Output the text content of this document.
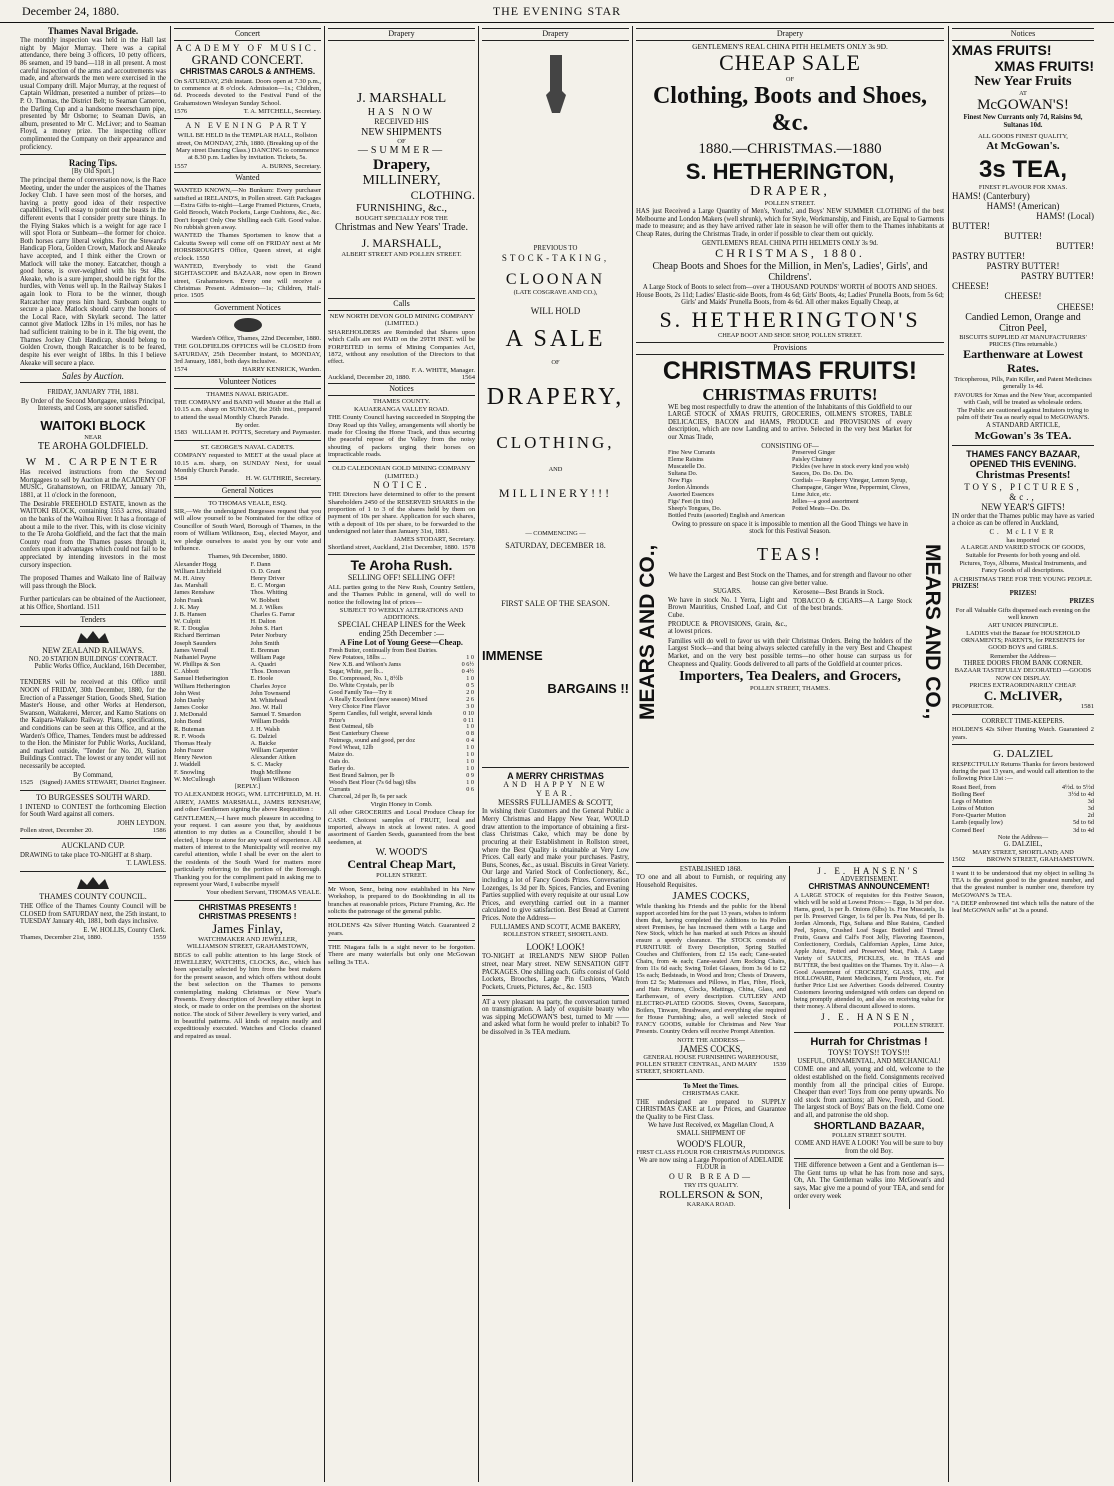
December 24, 1880.	THE EVENING STAR
Thames Naval Brigade.

The monthly inspection was held in the Hall last night by Major Murray. There was a capital attendance, there being 3 officers, 10 petty officers, 86 seamen, and 19 band—118 in all present. A most careful inspection of the arms and accoutrements was made, and afterwards the men were exercised in the usual Company drill. Major Murray, at the request of Captain Wildman, presented a number of prizes—to P. O. Thomas, the District Belt; to Seaman Cameron, the Darling Cup and a handsome meerschaum pipe, presented by Mr Osborne; to Seaman Davis, an album, presented to Mr C. McLiver; and to Seaman Floyd, a money prize. The inspecting officer complimented the Company on their appearance and proficiency.

Racing Tips.
[By Old Sport.]

The principal theme of conversation now, is the Race Meeting, under the under the auspices of the Thames Jockey Club. I have seen most of the horses, and having a pretty good idea of their respective capabilities, I will essay to point out the beasts in the different events that I consider pretty sure things. In the Flying Stakes which is a weight for age race I will spot Flora or Sunbeam—the former for choice. Both horses carry liberal weights. For the Steward's Handicap Flora, Golden Crown, Matlock and Akeake have accepted, and I think either the Crown or Matlock will take the money. Eatcatcher, though a good horse, is over-weighted with his 9st 4lbs. Akeake, who is a sure jumper, should be right for the hurdles, with Venus well up. In the Railway Stakes I again look to Flora to be the winner, though Ratcatcher may press him hard. Sunbeam ought to secure a place. Matlock should carry the honors of the Local Race, with Skylark second. The latter cannot give Matlock 12lbs in 1½ miles, nor has he had sufficient training to be in it. The big event, the Thames Jockey Club Handicap, should belong to Golden Crown, though Ratcatcher is to be feared, despite his ever weight of 18lbs. In this I believe Akeake will secure a place.

Sales by Auction.
FRIDAY, JANUARY 7TH, 1881.

By Order of the Second Mortgagee, unless Principal, Interests, and Costs, are sooner satisfied.

WAITOKI BLOCK
NEAR
TE AROHA GOLDFIELD.
W M. CARPENTER

Has received instructions from the Second Mortgagees to sell by Auction at the ACADEMY OF MUSIC, Grahamstown, on FRIDAY, January 7th, 1881, at 11 o'clock in the forenoon,

The Desirable FREEHOLD ESTATE, known as the WAITOKI BLOCK, containing 1553 acres, situated on the banks of the Waihou River. It has a frontage of about a mile to the river. This, with its close vicinity to the Te Aroha Goldfield, and the fact that the main County road from the Thames passes through it, confers upon it advantages which could not fail to be appreciated by intending investors in the most cursory inspection.

The proposed Thames and Waikato line of Railway will pass through the Block.

Further particulars can be obtained of the Auctioneer, at his Office, Shortland. 1511

Tenders
NEW ZEALAND RAILWAYS.
NO. 20 STATION BUILDINGS' CONTRACT.
Public Works Office, Auckland, 16th December, 1880.

TENDERS will be received at this Office until NOON of FRIDAY, 30th December, 1880, for the Erection of a Passenger Station, Goods Shed, Station Master's House, and other Works at Henderson, Swanson, Waitakerei, Mercer, and Kamo Stations on the Kaipara-Waikato Railway. Plans, specifications, and conditions can be seen at this Office, and at the Warden's Office, Thames. Tenders must be addressed to the Hon. the Minister for Public Works, Auckland, and marked outside, "Tender for No. 20, Station Buildings Contract. The lowest or any tender will not necessarily be accepted.

By Command,
1525 (Signed) JAMES STEWART, District Engineer.
TO BURGESSES SOUTH WARD.

I INTEND to CONTEST the forthcoming Election for South Ward against all comers.

JOHN LEYDON.
Pollen street, December 20.	1586
AUCKLAND CUP.

DRAWING to take place TO-NIGHT at 8 sharp.

T. LAWLESS.
THAMES COUNTY COUNCIL.

THE Office of the Thames County Council will be CLOSED from SATURDAY next, the 25th instant, to TUESDAY January 4th, 1881, both days inclusive.

E. W. HOLLIS, County Clerk.
Thames, December 21st, 1880.	1559
Concert
ACADEMY OF MUSIC.
GRAND CONCERT.
CHRISTMAS CAROLS & ANTHEMS.

On SATURDAY, 25th instant. Doors open at 7.30 p.m., to commence at 8 o'clock. Admission—1s.; Children, 6d. Proceeds devoted to the Festival Fund of the Grahamstown Wesleyan Sunday School.

1576	T. A. MITCHELL, Secretary.
AN EVENING PARTY

WILL BE HELD In the TEMPLAR HALL, Rollston street, On MONDAY, 27th, 1880. (Breaking up of the Mary street Dancing Class.) DANCING to commence at 8.30 p.m. Ladies by invitation. Tickets, 5s.

1557	A. BURNS, Secretary.
Wanted

WANTED KNOWN,—No Bunkum: Every purchaser satisfied at IRELAND'S, in Pollen street. Gift Packages—Extra Gifts to-night—Large Framed Pictures, Cruets, Gold Brooch, Watch Pockets, Large Cushions, &c., &c. Don't forget! Only One Shilling each Gift. Good value. No rubbish given away.

WANTED the Thames Sportsmen to know that a Calcutta Sweep will come off on FRIDAY next at Mr HORSBROUGH'S Office, Queen street, at eight o'clock. 1550

WANTED, Everybody to visit the Grand SIGHTASCOPE and BAZAAR, now open in Brown street, Grahamstown. Every one will receive a Christmas Present. Admission—1s; Children, Half-price. 1505

Government Notices
Warden's Office, Thames, 22nd December, 1880.

THE GOLDFIELDS OFFICES will be CLOSED from SATURDAY, 25th December instant, to MONDAY, 3rd January, 1881, both days inclusive.

1574	HARRY KENRICK, Warden.
Volunteer Notices
THAMES NAVAL BRIGADE.

THE COMPANY and BAND will Muster at the Hall at 10.15 a.m. sharp on SUNDAY, the 26th inst., prepared to attend the usual Monthly Church Parade.

By order.
1583 WILLIAM H. POTTS, Secretary and Paymaster.
ST. GEORGE'S NAVAL CADETS.

COMPANY requested to MEET at the usual place at 10.15 a.m. sharp, on SUNDAY Next, for usual Monthly Church Parade.

1584	H. W. GUTHRIE, Secretary.
General Notices
TO THOMAS VEALE, ESQ.

SIR,—We the undersigned Burgesses request that you will allow yourself to be Nominated for the office of Councillor of South Ward, Borough of Thames, in the room of William Wilkinson, Esq., elected Mayor, and we pledge ourselves to assist you by our vote and influence.

Thames, 9th December, 1880.
Alexander Hogg
William Litchfield
M. H. Airey
Jas. Marshall
James Renshaw
John Frank
J. K. May
J. B. Hansen
W. Culpitt
R. T. Douglas
Richard Berriman
Joseph Saunders
James Verrall
Nathaniel Payne
W. Phillips & Son
C. Abbott
Samuel Hetherington
William Hetherington
John West
John Danby
James Cooke
J. McDonald
John Bond
R. Buteman
R. F. Woods
Thomas Healy
John Frazer
Henry Newton
J. Waddell
F. Snowling
W. McCullough
F. Dann
O. D. Grant
Henry Driver
E. C. Morgan
Thos. Whiting
W. Bobbett
M. J. Wilkes
Charles G. Farrar
H. Dalton
John S. Hart
Peter Norbury
John Smith
E. Brennan
William Page
A. Quadri
Thos. Donovan
E. Hoole
Charles Joyce
John Townsend
M. Whitehead
Jno. W. Hall
Samuel T. Smardon
William Dodds
J. H. Walsh
G. Dalziel
A. Baicke
William Carpenter
Alexander Aitken
S. C. Macky
Hugh McIlhone
William Wilkinson
[REPLY.]

TO ALEXANDER HOGG, WM. LITCHFIELD, M. H. AIREY, JAMES MARSHALL, JAMES RENSHAW, and other Gentlemen signing the above Requisition :

GENTLEMEN,—I have much pleasure in acceding to your request. I can assure you that, by assiduous attention to my duties as a Councillor, should I be elected, I hope to atone for any want of experience. All matters of interest to the Municipality will receive my careful attention, while I shall be ever on the alert to the residents of the South Ward for matters more particularly referring to the portion of the Borough. Thanking you for the compliment paid in asking me to represent your Ward, I subscribe myself

Your obedient Servant, THOMAS VEALE.
CHRISTMAS PRESENTS !
CHRISTMAS PRESENTS !
James Finlay,
WATCHMAKER AND JEWELLER,
WILLIAMSON STREET, GRAHAMSTOWN,

BEGS to call public attention to his large Stock of JEWELLERY, WATCHES, CLOCKS, &c., which has been specially selected by him from the best makers for the present season, and which offers without doubt the best selection on the Thames to persons contemplating making Christmas or New Year's Presents. Every description of Jewellery either kept in stock, or made to order on the premises on the shortest notice. The stock of Silver Jewellery is very varied, and in beautiful patterns. All kinds of repairs neatly and expeditiously executed. Watches and Clocks cleaned and repaired as usual.

Drapery
J. MARSHALL
HAS NOW
RECEIVED HIS
NEW SHIPMENTS
OF
—SUMMER—
Drapery,
MILLINERY,
CLOTHING.
FURNISHING, &c.,
BOUGHT SPECIALLY FOR THE
Christmas and New Years' Trade.
J. MARSHALL,
ALBERT STREET AND POLLEN STREET.
Calls
NEW NORTH DEVON GOLD MINING COMPANY (LIMITED.)

SHAREHOLDERS are Reminded that Shares upon which Calls are not PAID on the 29TH INST. will be FORFEITED in terms of Mining Companies Act, 1872, without any resolution of the Directors to that effect.

F. A. WHITE, Manager.
Auckland, December 20, 1880.	1564
Notices
THAMES COUNTY.
KAUAERANGA VALLEY ROAD.

THE County Council having succeeded in Stopping the Dray Road up this Valley, arrangements will shortly be made for Closing the Horse Track, and thus securing the peaceful repose of the Valley from the noisy shouting of packers urging their horses on impracticable roads.

OLD CALEDONIAN GOLD MINING COMPANY (LIMITED.)
NOTICE.

THE Directors have determined to offer to the present Shareholders 2450 of the RESERVED SHARES in the proportion of 1 to 3 of the shares held by them on payment of 10s per share. Application for such shares, with a deposit of 10s per share, to be forwarded to the undersigned not later than January 31st, 1881.

JAMES STODART, Secretary.
Shortland street, Auckland, 21st December, 1880. 1578
Te Aroha Rush.
SELLING OFF! SELLING OFF!

ALL parties going to the New Rush, Country Settlers, and the Thames Public in general, will do well to notice the following list of prices—

SUBJECT TO WEEKLY ALTERATIONS AND ADDITIONS.
SPECIAL CHEAP LINES for the Week ending 25th December :—
A Fine Lot of Young Geese—Cheap.
Fresh Butter, continually from Best Dairies.	
New Potatoes, 18lbs ...	1 0
New X.B. and Wilson's Jams	0 6½
Sugar, White, per lb...	0 4½
Do. Compressed, No. 1, 8½lb	1 0
Do. White Crystals, per lb	0 5
Good Family Tea—Try it	2 0
A Really Excellent (new season) Mixed	2 6
Very Choice Fine Flavor	3 0
Sperm Candles, full weight, several kinds	0 10
Prize's	0 11
Best Oatmeal, 6lb	1 0
Best Canterbury Cheese	0 8
Nutmegs, sound and good, per doz	0 4
Fowl Wheat, 12lb	1 0
Maize do.	1 0
Oats do.	1 0
Barley do.	1 0
Best Brand Salmon, per lb	0 9
Wood's Best Flour (7s 6d bag) 6lbs	1 0
Currants	0 6
Charcoal, 2d per lb, 6s per sack	
Virgin Honey in Comb.

All other GROCERIES and Local Produce Cheap for CASH. Choicest samples of FRUIT, local and imported, always in stock at lowest rates. A good assortment of Garden Seeds, guaranteed from the best seedsmen, at

W. WOOD'S
Central Cheap Mart,
POLLEN STREET.

Mr Woon, Senr., being now established in his New Workshop, is prepared to do Bookbinding in all its branches at reasonable prices, Picture Framing, &c. He solicits the patronage of the general public.

HOLDEN'S 42s Silver Hunting Watch. Guaranteed 2 years.

THE Niagara falls is a sight never to be forgotten. There are many waterfalls but only one McGowan selling 3s TEA.

Drapery
PREVIOUS TO
STOCK-TAKING,
CLOONAN
(LATE COSGRAVE AND CO.),
WILL HOLD
A SALE
OF
DRAPERY,
CLOTHING,
AND
MILLINERY!!!
— COMMENCING —
SATURDAY, DECEMBER 18.
FIRST SALE OF THE SEASON.
IMMENSE
BARGAINS !!
A MERRY CHRISTMAS
AND HAPPY NEW YEAR.
MESSRS FULLJAMES & SCOTT,

In wishing their Customers and the General Public a Merry Christmas and Happy New Year, WOULD draw attention to the importance of obtaining a first-class Christmas Cake, which may be done by procuring at their Establishment in Rollston street, where the Best Quality is obtainable at Very Low Prices. Call early and make your purchases. Pastry, Buns, Scones, &c., as usual. Biscuits in Great Variety. Our large and Varied Stock of Confectionery, &c., including a lot of Fancy Goods Prizes. Conversation Lozenges, 1s 3d per lb. Spices, Fancies, and Evening Parties supplied with every requisite at our usual Low Prices, and everything carried out in a manner calculated to give satisfaction. Best Bread at Current Prices. Note the Address—

FULLJAMES AND SCOTT, ACME BAKERY,
ROLLESTON STREET, SHORTLAND.
LOOK! LOOK!

TO-NIGHT at IRELAND'S NEW SHOP Pollen street, near Mary street. NEW SENSATION GIFT PACKAGES. One shilling each. Gifts consist of Gold Lockets, Brooches, Large Pin Cushions, Watch Pockets, Cruets, Pictures, &c., &c. 1503

AT a very pleasant tea party, the conversation turned on transmigration. A lady of exquisite beauty who was sipping McGOWAN'S best, turned to Mr —— and asked what form he would prefer to inhabit? To be dissolved in 3s TEA medium.

Drapery
GENTLEMEN'S REAL CHINA PITH HELMETS ONLY 3s 9D.
CHEAP SALE
OF
Clothing, Boots and Shoes, &c.
1880.—CHRISTMAS.—1880
S. HETHERINGTON,
DRAPER,
POLLEN STREET.

HAS just Received a Large Quantity of Men's, Youths', and Boys' NEW SUMMER CLOTHING of the best Melbourne and London Makers (well shrunk), which for Style, Workmanship, and Finish, are Equal to Garments made to measure; and as they have arrived rather late in season he will offer them to the Thames inhabitants at Cheap Rates, during the Christmas Trade, in order if possible to clear them out quickly.

GENTLEMEN'S REAL CHINA PITH HELMETS ONLY 3s 9d.
CHRISTMAS, 1880.
Cheap Boots and Shoes for the Million, in Men's, Ladies', Girls', and Childrens'.

A Large Stock of Boots to select from—over a THOUSAND POUNDS' WORTH of BOOTS AND SHOES. House Boots, 2s 11d; Ladies' Elastic-side Boots, from 4s 6d; Girls' Boots, 4s; Ladies' Prunella Boots, from 5s 6d; Girls' and Maids' Prunella Boots, from 4s 6d. All other makes Equally Cheap, at

S. HETHERINGTON'S
CHEAP BOOT AND SHOE SHOP, POLLEN STREET.
Provisions
CHRISTMAS FRUITS!
CHRISTMAS FRUITS!
MEARS AND CO.,	MEARS AND CO.,

WE beg most respectfully to draw the attention of the Inhabitants of this Goldfield to our LARGE STOCK of XMAS FRUITS, GROCERIES, OILMEN'S STORES, TABLE DELICACIES, BACON and HAMS, PRODUCE and PROVISIONS of every description, which are now Landing and to arrive. Selected in the very best Market for our Xmas Trade,

CONSISTING OF—
Fine New Currants
Eleme Raisins
Muscatelle Do.
Sultana Do.
New Figs
Jordon Almonds
Assorted Essences
Figs' Feet (in tins)
Sheep's Tongues, Do.
Bottled Fruits (assorted) English and American
Preserved Ginger
Paisley Chutney
Pickles (we have in stock every kind you wish)
Sauces, Do. Do. Do. Do.
Cordials — Raspberry Vinegar, Lemon Syrup, Champagne, Ginger Wine, Peppermint, Cloves, Lime Juice, etc.
Jellies—a good assortment
Potted Meats—Do. Do.

Owing to pressure on space it is impossible to mention all the Good Things we have in stock for this Festival Season.

TEAS!

We have the Largest and Best Stock on the Thames, and for strength and flavour no other house can give better value.

SUGARS.

We have in stock No. 1 Yerra, Light and Brown Mauritius, Crushed Loaf, and Cut Cube.

PRODUCE & PROVISIONS, Grain, &c., at lowest prices.

Kerosene—Best Brands in Stock.

TOBACCO & CIGARS—A Large Stock of the best brands.

Families will do well to favor us with their Christmas Orders. Being the holders of the Largest Stock—and that being always selected carefully in the very Best and Cheapest Market, and on the very best possible terms—no other house can surpass us for Cheapness and Quality. Goods delivered to all parts of the Goldfield at counter prices.

Importers, Tea Dealers, and Grocers,
POLLEN STREET, THAMES.
ESTABLISHED 1868.

TO one and all about to Furnish, or requiring any Household Requisites.

JAMES COCKS,

While thanking his Friends and the public for the liberal support accorded him for the past 13 years, wishes to inform them that, having completed the Additions to his Pollen street Premises, he has increased them with a Large and New Stock, which he has marked at such Prices as should ensure a speedy clearance. The STOCK consists of FURNITURE of Every Description, Spring Stuffed Couches and Chiffoniers, from £2 15s each; Cane-seated Chairs, from 4s each; Cane-seated Arm Rocking Chairs, from 11s 6d each; Swing Toilet Glasses, from 3s 6d to £2 15s each; Bedsteads, in Wood and Iron; Chests of Drawers, from £2 5s; Mattresses and Pillows, in Flax, Fibre, Flock, and Hair. Pictures, Clocks, Mattings, China, Glass, and Earthenware, of every description. CUTLERY AND ELECTRO-PLATED GOODS. Stoves, Ovens, Saucepans, Boilers, Tinware, Brushware, and everything else required for House Furnishing; also, a well selected Stock of FANCY GOODS, suitable for Christmas and New Year Presents. Country Orders will receive Prompt Attention.

NOTE THE ADDRESS—
JAMES COCKS,
GENERAL HOUSE FURNISHING WAREHOUSE,
POLLEN STREET CENTRAL, AND MARY STREET, SHORTLAND.
1539
To Meet the Times.
CHRISTMAS CAKE.

THE undersigned are prepared to SUPPLY CHRISTMAS CAKE at Low Prices, and Guarantee the Quality to be First Class.

We have Just Received, ex Magellan Cloud, A SMALL SHIPMENT OF

WOOD'S FLOUR,
FIRST CLASS FLOUR FOR CHRISTMAS PUDDINGS.

We are now using a Large Proportion of ADELAIDE FLOUR in

OUR BREAD—
TRY ITS QUALITY.
ROLLERSON & SON,
KARAKA ROAD.
J. E. HANSEN'S
ADVERTISEMENT.
CHRISTMAS ANNOUNCEMENT!

A LARGE STOCK of requisites for this Festive Season, which will be sold at Lowest Prices:— Eggs, 1s 3d per doz. Hams, good, 1s per lb. Onions (6lbs) 1s. Fine Muscatels, 1s per lb. Preserved Ginger, 1s 6d per lb. Pea Nuts, 6d per lb. Jordan Almonds, Figs, Sultana and Blue Raisins, Candied Peel, Spices, Crushed Loaf Sugar. Bottled and Tinned Fruits, Guava and Calf's Foot Jelly, Flavoring Essences, Confectionery, Cordials, Californian Apples, Lime Juice, Apple Juice, Potted and Preserved Meat, Fish. A Large Variety of SAUCES, PICKLES, etc. In TEAS and BUTTER, the best qualities on the Thames. Try it. Also— A Good Assortment of CROCKERY, GLASS, TIN, and HOLLOWARE, Patent Medicines, Farm Produce, etc. For further Price List see Advertiser. Goods delivered. Country Customers favoring undersigned with orders can depend on being promptly attended to, and also on receiving value for their money. A liberal discount allowed to stores.

J. E. HANSEN,
POLLEN STREET.
Hurrah for Christmas !
TOYS! TOYS!! TOYS!!!
USEFUL, ORNAMENTAL, AND MECHANICAL!

COME one and all, young and old, welcome to the oldest established on the field. Consignments received monthly from all the principal cities of Europe. Cheaper than ever! Toys from one penny upwards. No old stock from auctions; all New, Fresh, and Good. The largest stock of Boys' Bats on the field. Come one and all, and patronise the old shop.

SHORTLAND BAZAAR,
POLLEN STREET SOUTH.

COME AND HAVE A LOOK! You will be sure to buy from the old Boy.

THE difference between a Gent and a Gentleman is—The Gent turns up what he has from nose and says, Oh, Ah. The Gentleman walks into McGowan's and says, Mac give me a pound of your TEA, and send for order every week

Notices
XMAS FRUITS!
XMAS FRUITS!
New Year Fruits
AT
McGOWAN'S!
Finest New Currants only 7d, Raisins 9d, Sultanas 10d.
ALL GOODS FINEST QUALITY,
At McGowan's.
3s TEA,
FINEST FLAVOUR FOR XMAS.
HAMS! (Canterbury)
HAMS! (American)
HAMS! (Local)
BUTTER!
BUTTER!
BUTTER!
PASTRY BUTTER!
PASTRY BUTTER!
PASTRY BUTTER!
CHEESE!
CHEESE!
CHEESE!
Candied Lemon, Orange and Citron Peel,
BISCUITS SUPPLIED AT MANUFACTURERS' PRICES (Tins returnable.)
Earthenware at Lowest Rates.

Tricopherous, Pills, Pain Killer, and Patent Medicines generally 1s 4d.

FAVOURS for Xmas and the New Year, accompanied with Cash, will be treated as wholesale orders.

The Public are cautioned against Imitators trying to palm off their Tea as nearly equal to McGOWAN'S.

A STANDARD ARTICLE,
McGowan's 3s TEA.
THAMES FANCY BAZAAR, OPENED THIS EVENING.
Christmas Presents!
TOYS, PICTURES, &c.,
NEW YEAR'S GIFTS!

IN order that the Thames public may have as varied a choice as can be offered in Auckland,

C. McLIVER
has imported
A LARGE AND VARIED STOCK OF GOODS,

Suitable for Presents for both young and old.

Pictures, Toys, Albums, Musical Instruments, and Fancy Goods of all descriptions.

A CHRISTMAS TREE FOR THE YOUNG PEOPLE.
PRIZES!
PRIZES!
PRIZES

For all Valuable Gifts dispensed each evening on the well known

ART UNION PRINCIPLE.

LADIES visit the Bazaar for HOUSEHOLD ORNAMENTS; PARENTS, for PRESENTS for GOOD BOYS and GIRLS.

Remember the Address—
THREE DOORS FROM BANK CORNER.
BAZAAR TASTEFULLY DECORATED —GOODS NOW ON DISPLAY.
PRICES EXTRAORDINARILY CHEAP.
C. McLIVER,
PROPRIETOR.	1581
CORRECT TIME-KEEPERS.

HOLDEN'S 42s Silver Hunting Watch. Guaranteed 2 years.

G. DALZIEL

RESPECTFULLY Returns Thanks for favors bestowed during the past 13 years, and would call attention to the following Price List :—

Roast Beef, from	4½d. to 5½d
Boiling Beef	3½d to 4d
Legs of Mutton	3d
Loins of Mutton	3d
Fore-Quarter Mutton	2d
Lamb (equally low)	5d to 6d
Corned Beef	3d to 4d
Note the Address—
G. DALZIEL,
MARY STREET, SHORTLAND; AND
1502	BROWN STREET, GRAHAMSTOWN.

I want it to be understood that my object in selling 3s TEA is the greatest good to the greatest number, and that the greatest number is number one, therefore try McGOWAN'S 3s TEA.

"A DEEP embrowned tint which tells the nature of the leaf McGOWAN sells" at 3s a pound.
